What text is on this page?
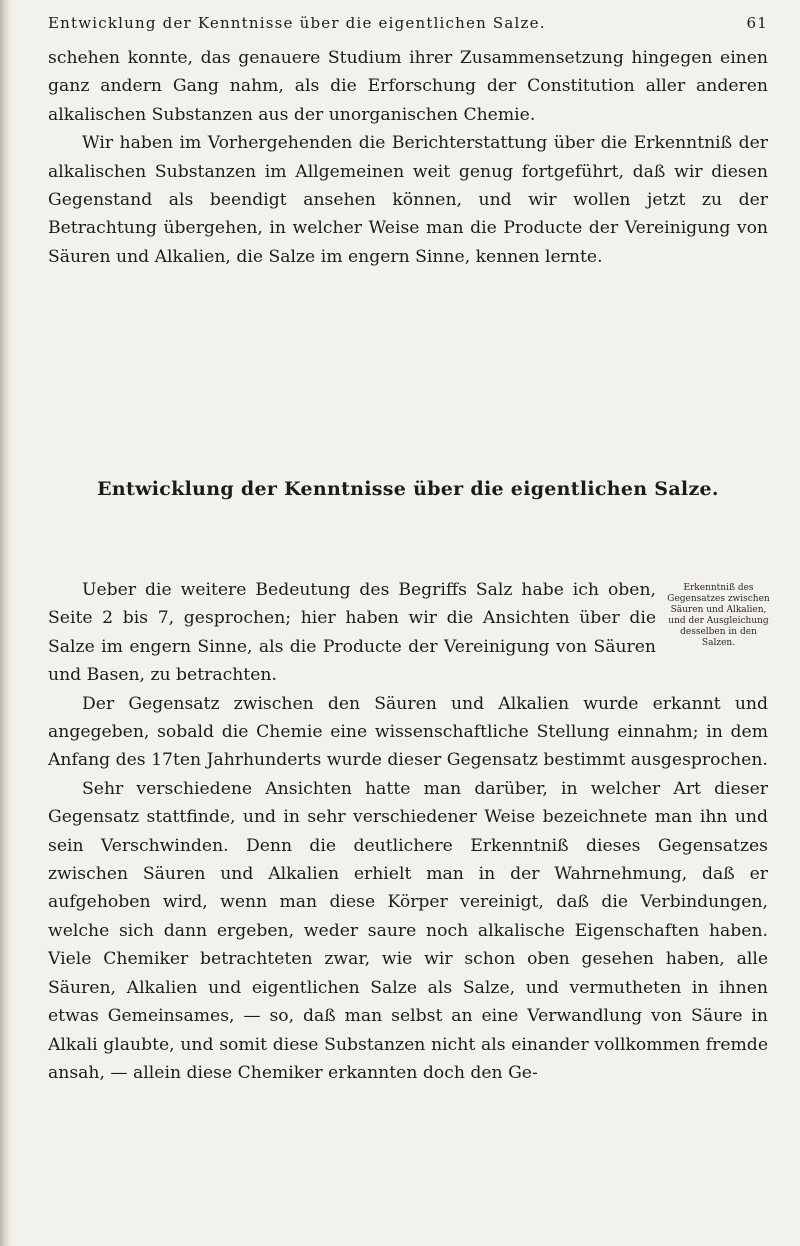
Entwicklung der Kenntnisse über die eigentlichen Salze.	61

schehen konnte, das genauere Studium ihrer Zusammensetzung hingegen einen ganz andern Gang nahm, als die Erforschung der Constitution aller anderen alkalischen Substanzen aus der unorganischen Chemie.

Wir haben im Vorhergehenden die Berichterstattung über die Erkenntniß der alkalischen Substanzen im Allgemeinen weit genug fortgeführt, daß wir diesen Gegenstand als beendigt ansehen können, und wir wollen jetzt zu der Betrachtung übergehen, in welcher Weise man die Producte der Vereinigung von Säuren und Alkalien, die Salze im engern Sinne, kennen lernte.

Entwicklung der Kenntnisse über die eigentlichen Salze.
Erkenntniß des Gegensatzes zwischen Säuren und Alkalien, und der Ausgleichung desselben in den Salzen.

Ueber die weitere Bedeutung des Begriffs Salz habe ich oben, Seite 2 bis 7, gesprochen; hier haben wir die Ansichten über die Salze im engern Sinne, als die Producte der Vereinigung von Säuren und Basen, zu betrachten.

Der Gegensatz zwischen den Säuren und Alkalien wurde erkannt und angegeben, sobald die Chemie eine wissenschaftliche Stellung einnahm; in dem Anfang des 17ten Jahrhunderts wurde dieser Gegensatz bestimmt ausgesprochen.

Sehr verschiedene Ansichten hatte man darüber, in welcher Art dieser Gegensatz stattfinde, und in sehr verschiedener Weise bezeichnete man ihn und sein Verschwinden. Denn die deutlichere Erkenntniß dieses Gegensatzes zwischen Säuren und Alkalien erhielt man in der Wahrnehmung, daß er aufgehoben wird, wenn man diese Körper vereinigt, daß die Verbindungen, welche sich dann ergeben, weder saure noch alkalische Eigenschaften haben. Viele Chemiker betrachteten zwar, wie wir schon oben gesehen haben, alle Säuren, Alkalien und eigentlichen Salze als Salze, und vermutheten in ihnen etwas Gemeinsames, — so, daß man selbst an eine Verwandlung von Säure in Alkali glaubte, und somit diese Substanzen nicht als einander vollkommen fremde ansah, — allein diese Chemiker erkannten doch den Ge-
